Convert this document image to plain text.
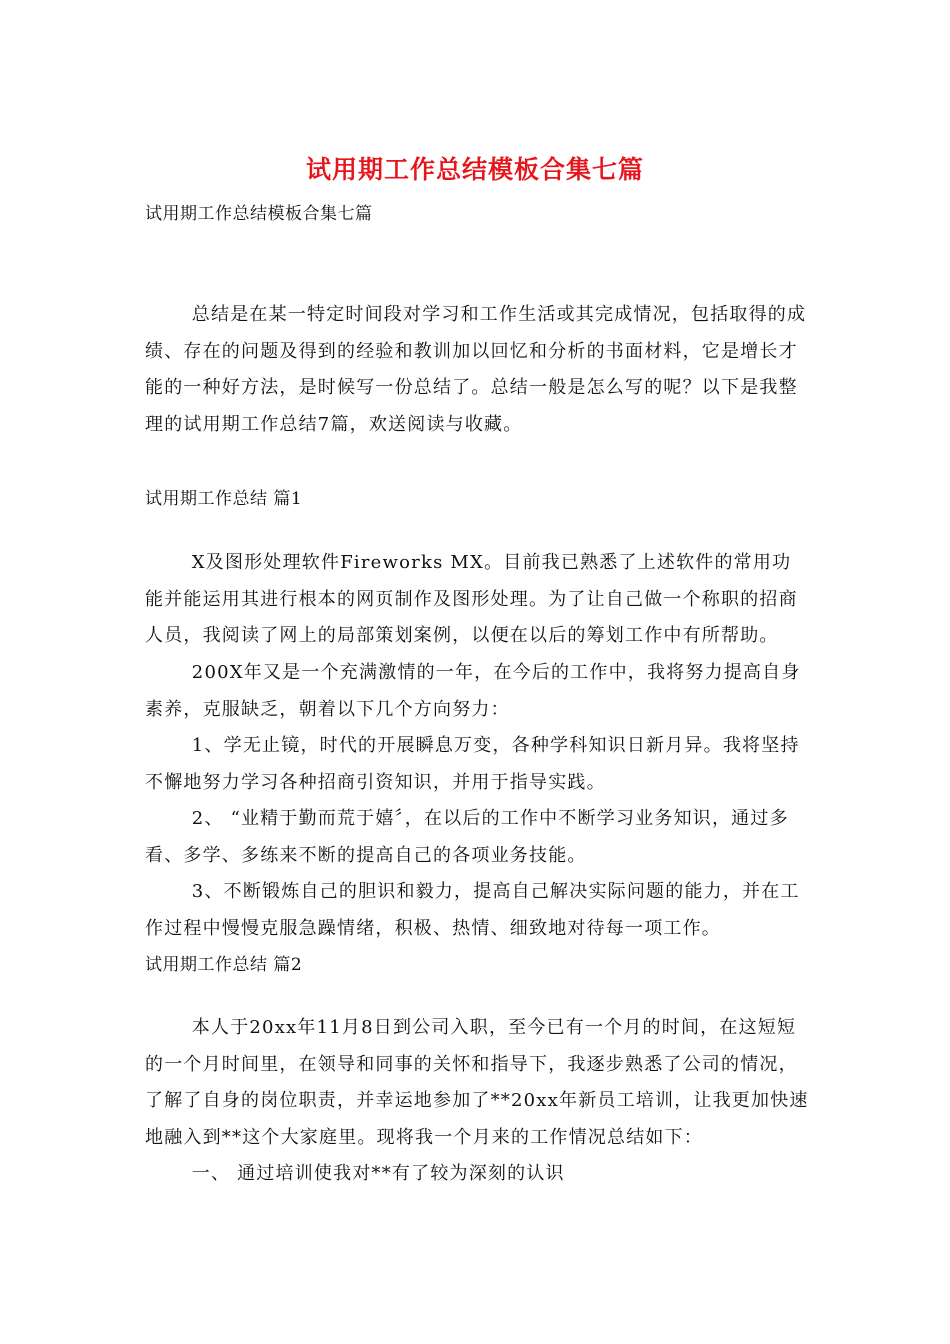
试用期工作总结模板合集七篇
试用期工作总结模板合集七篇

总结是在某一特定时间段对学习和工作生活或其完成情况，包括取得的成绩、存在的问题及得到的经验和教训加以回忆和分析的书面材料，它是增长才能的一种好方法，是时候写一份总结了。总结一般是怎么写的呢？以下是我整理的试用期工作总结7篇，欢送阅读与收藏。

试用期工作总结 篇1

X及图形处理软件Fireworks MX。目前我已熟悉了上述软件的常用功能并能运用其进行根本的网页制作及图形处理。为了让自己做一个称职的招商人员，我阅读了网上的局部策划案例，以便在以后的筹划工作中有所帮助。

200X年又是一个充满激情的一年，在今后的工作中，我将努力提高自身素养，克服缺乏，朝着以下几个方向努力：

1、学无止镜，时代的开展瞬息万变，各种学科知识日新月异。我将坚持不懈地努力学习各种招商引资知识，并用于指导实践。

2、 “业精于勤而荒于嬉〞，在以后的工作中不断学习业务知识，通过多看、多学、多练来不断的提高自己的各项业务技能。

3、不断锻炼自己的胆识和毅力，提高自己解决实际问题的能力，并在工作过程中慢慢克服急躁情绪，积极、热情、细致地对待每一项工作。

试用期工作总结 篇2

本人于20xx年11月8日到公司入职，至今已有一个月的时间，在这短短的一个月时间里，在领导和同事的关怀和指导下，我逐步熟悉了公司的情况，了解了自身的岗位职责，并幸运地参加了**20xx年新员工培训，让我更加快速地融入到**这个大家庭里。现将我一个月来的工作情况总结如下：

一、 通过培训使我对**有了较为深刻的认识
